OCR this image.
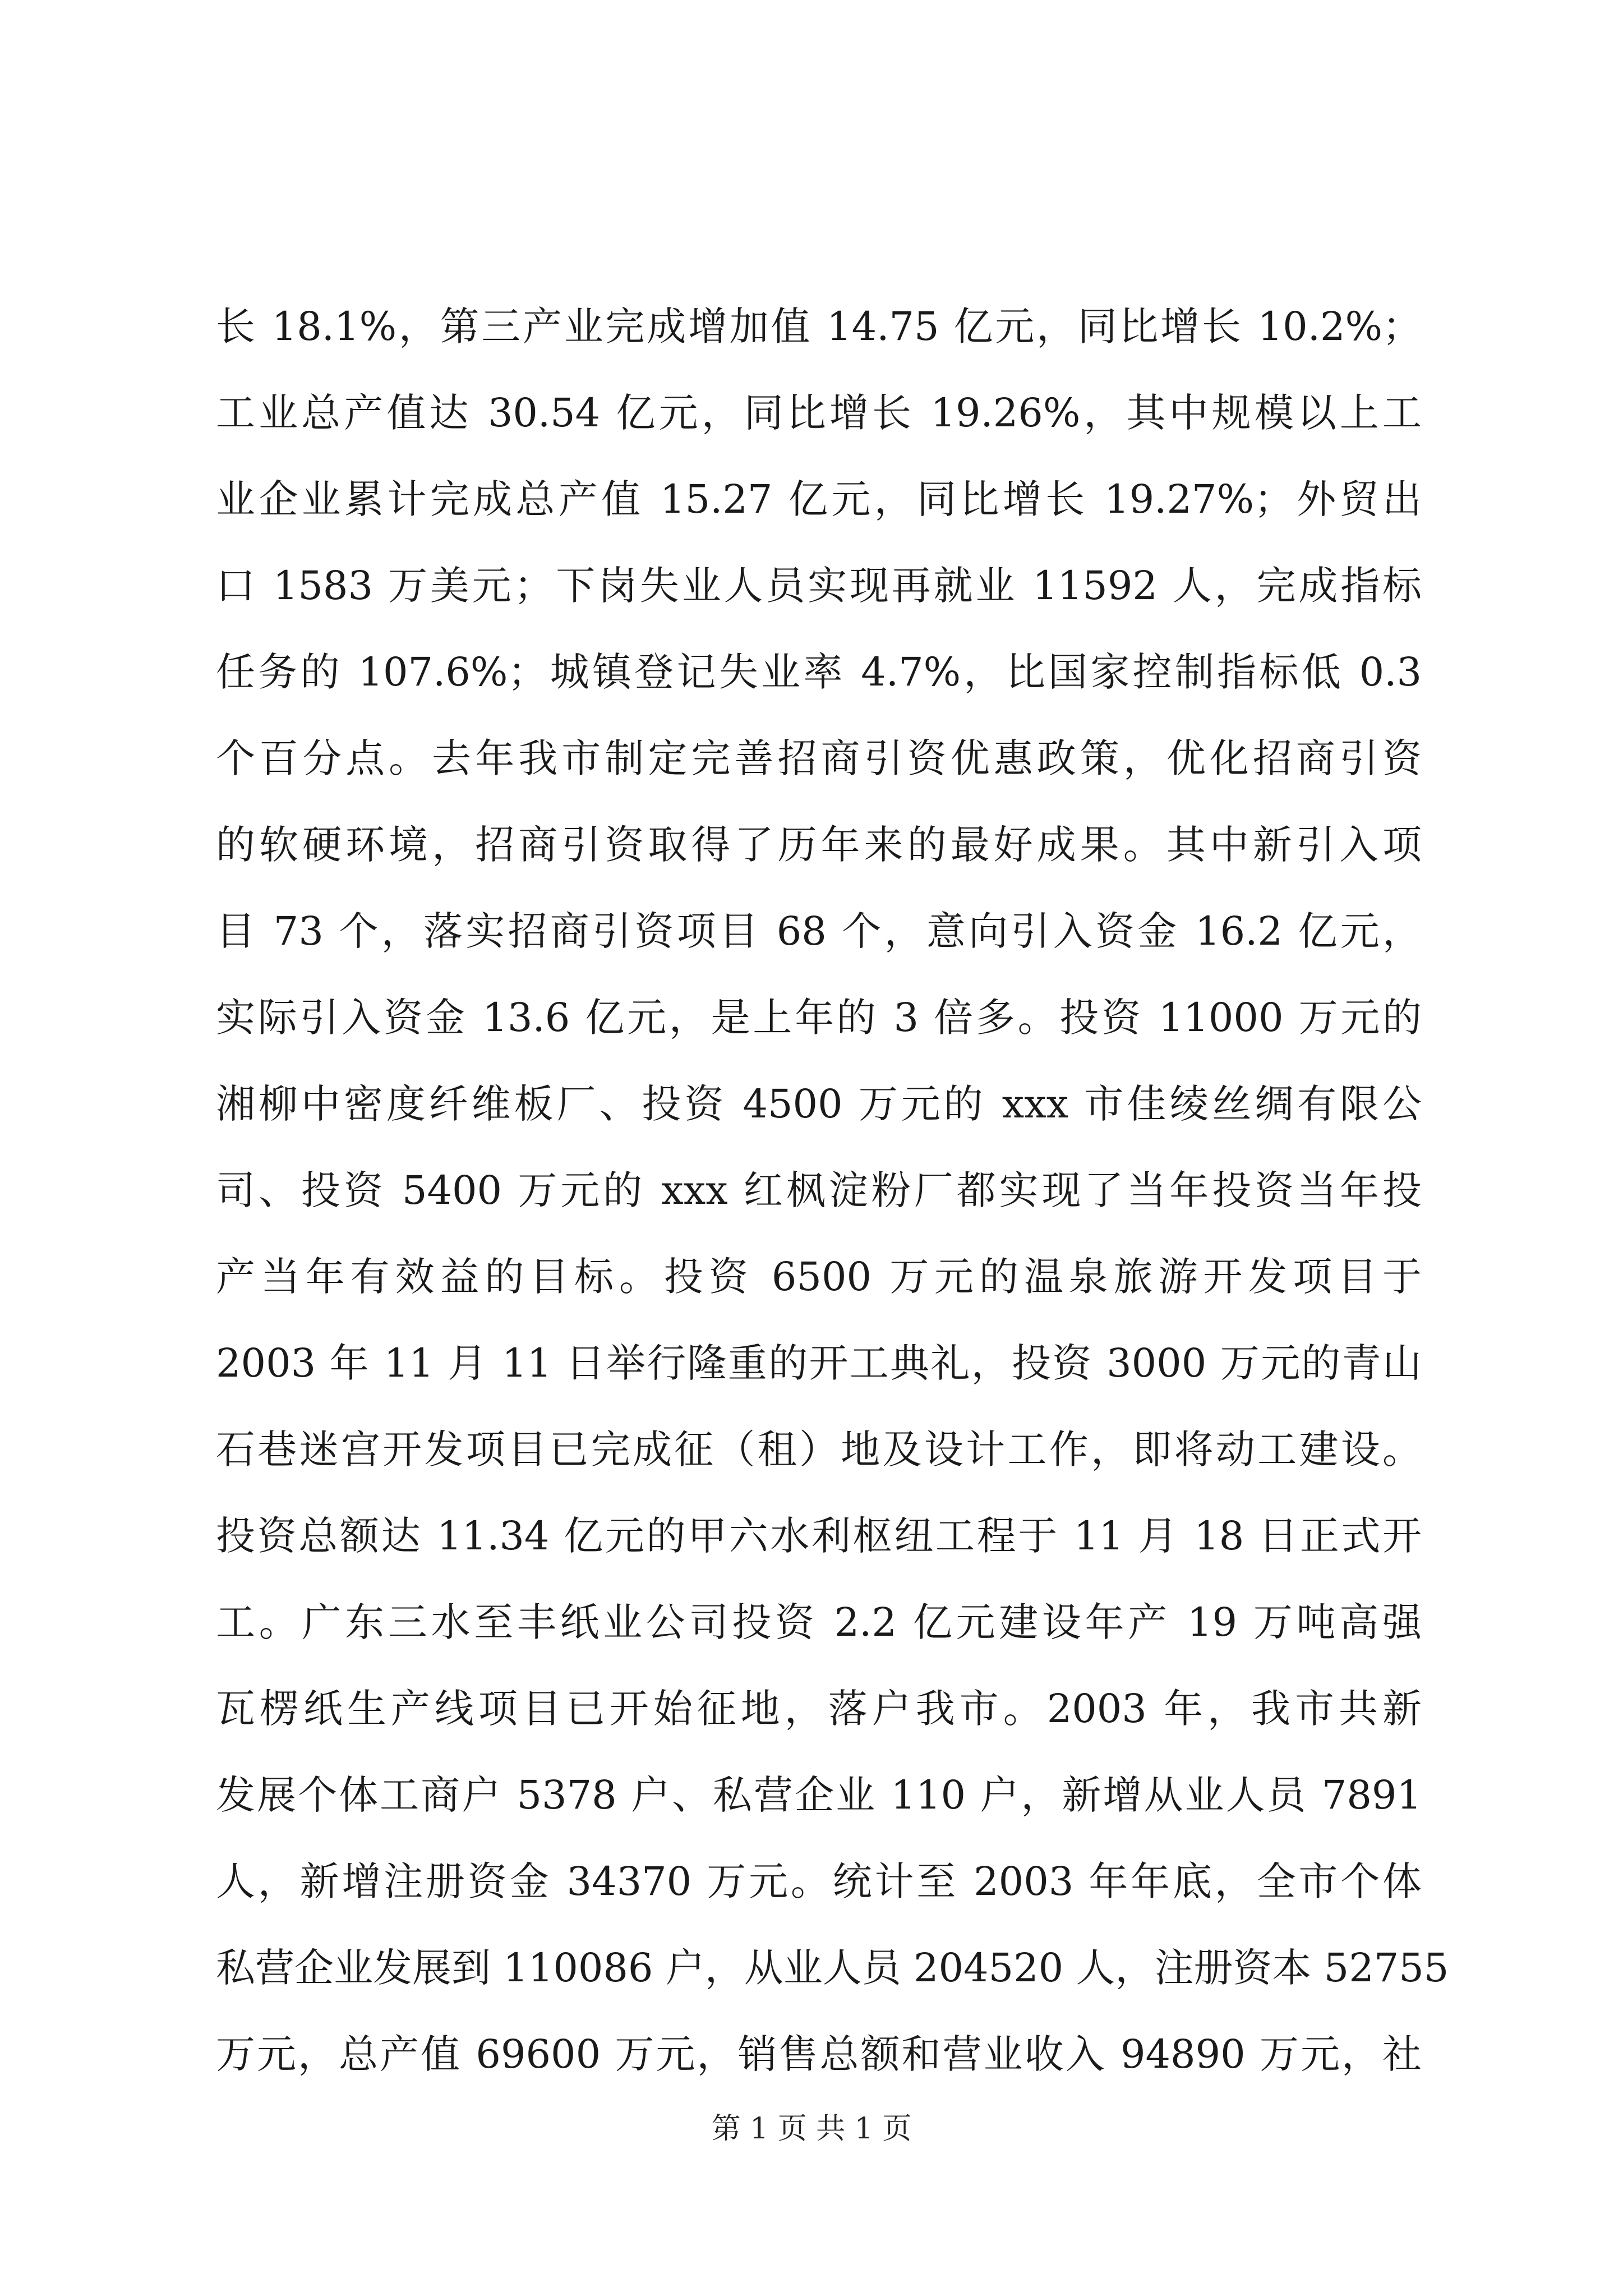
长 18.1%，第三产业完成增加值 14.75 亿元，同比增长 10.2%；
工业总产值达 30.54 亿元，同比增长 19.26%，其中规模以上工
业企业累计完成总产值 15.27 亿元，同比增长 19.27%；外贸出
口 1583 万美元；下岗失业人员实现再就业 11592 人，完成指标
任务的 107.6%；城镇登记失业率 4.7%，比国家控制指标低 0.3
个百分点。去年我市制定完善招商引资优惠政策，优化招商引资
的软硬环境，招商引资取得了历年来的最好成果。其中新引入项
目 73 个，落实招商引资项目 68 个，意向引入资金 16.2 亿元，
实际引入资金 13.6 亿元，是上年的 3 倍多。投资 11000 万元的
湘柳中密度纤维板厂、投资 4500 万元的 xxx 市佳绫丝绸有限公
司、投资 5400 万元的 xxx 红枫淀粉厂都实现了当年投资当年投
产当年有效益的目标。投资 6500 万元的温泉旅游开发项目于
2003 年 11 月 11 日举行隆重的开工典礼，投资 3000 万元的青山
石巷迷宫开发项目已完成征（租）地及设计工作，即将动工建设。
投资总额达 11.34 亿元的甲六水利枢纽工程于 11 月 18 日正式开
工。广东三水至丰纸业公司投资 2.2 亿元建设年产 19 万吨高强
瓦楞纸生产线项目已开始征地，落户我市。2003 年，我市共新
发展个体工商户 5378 户、私营企业 110 户，新增从业人员 7891
人，新增注册资金 34370 万元。统计至 2003 年年底，全市个体
私营企业发展到 110086 户，从业人员 204520 人，注册资本 52755
万元，总产值 69600 万元，销售总额和营业收入 94890 万元，社
第 1 页 共 1 页
